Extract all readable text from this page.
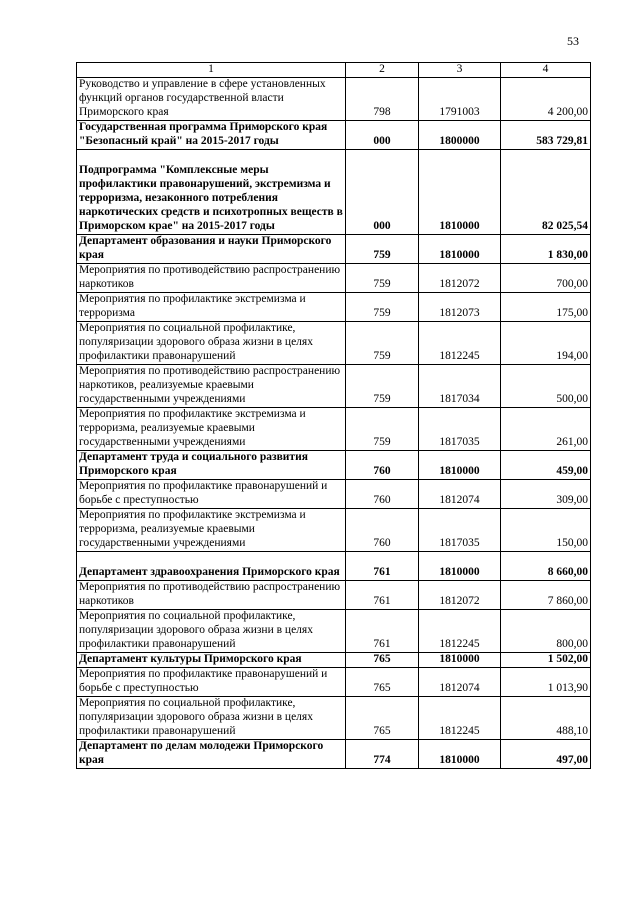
53
1	2	3	4
Руководство и управление в сфере установленных функций органов государственной власти Приморского края	798	1791003	4 200,00
Государственная программа Приморского края "Безопасный край" на 2015-2017 годы	000	1800000	583 729,81
Подпрограмма "Комплексные меры профилактики правонарушений, экстремизма и терроризма, незаконного потребления наркотических средств и психотропных веществ в Приморском крае" на 2015-2017 годы	000	1810000	82 025,54
Департамент образования и науки Приморского края	759	1810000	1 830,00
Мероприятия по противодействию распространению наркотиков	759	1812072	700,00
Мероприятия по профилактике экстремизма и терроризма	759	1812073	175,00
Мероприятия по социальной профилактике, популяризации здорового образа жизни в целях профилактики правонарушений	759	1812245	194,00
Мероприятия по противодействию распространению наркотиков, реализуемые краевыми государственными учреждениями	759	1817034	500,00
Мероприятия по профилактике экстремизма и терроризма, реализуемые краевыми государственными учреждениями	759	1817035	261,00
Департамент труда и социального развития Приморского края	760	1810000	459,00
Мероприятия по профилактике правонарушений и борьбе с преступностью	760	1812074	309,00
Мероприятия по профилактике экстремизма и терроризма, реализуемые краевыми государственными учреждениями	760	1817035	150,00
Департамент здравоохранения Приморского края	761	1810000	8 660,00
Мероприятия по противодействию распространению наркотиков	761	1812072	7 860,00
Мероприятия по социальной профилактике, популяризации здорового образа жизни в целях профилактики правонарушений	761	1812245	800,00
Департамент культуры Приморского края	765	1810000	1 502,00
Мероприятия по профилактике правонарушений и борьбе с преступностью	765	1812074	1 013,90
Мероприятия по социальной профилактике, популяризации здорового образа жизни в целях профилактики правонарушений	765	1812245	488,10
Департамент по делам молодежи Приморского края	774	1810000	497,00
